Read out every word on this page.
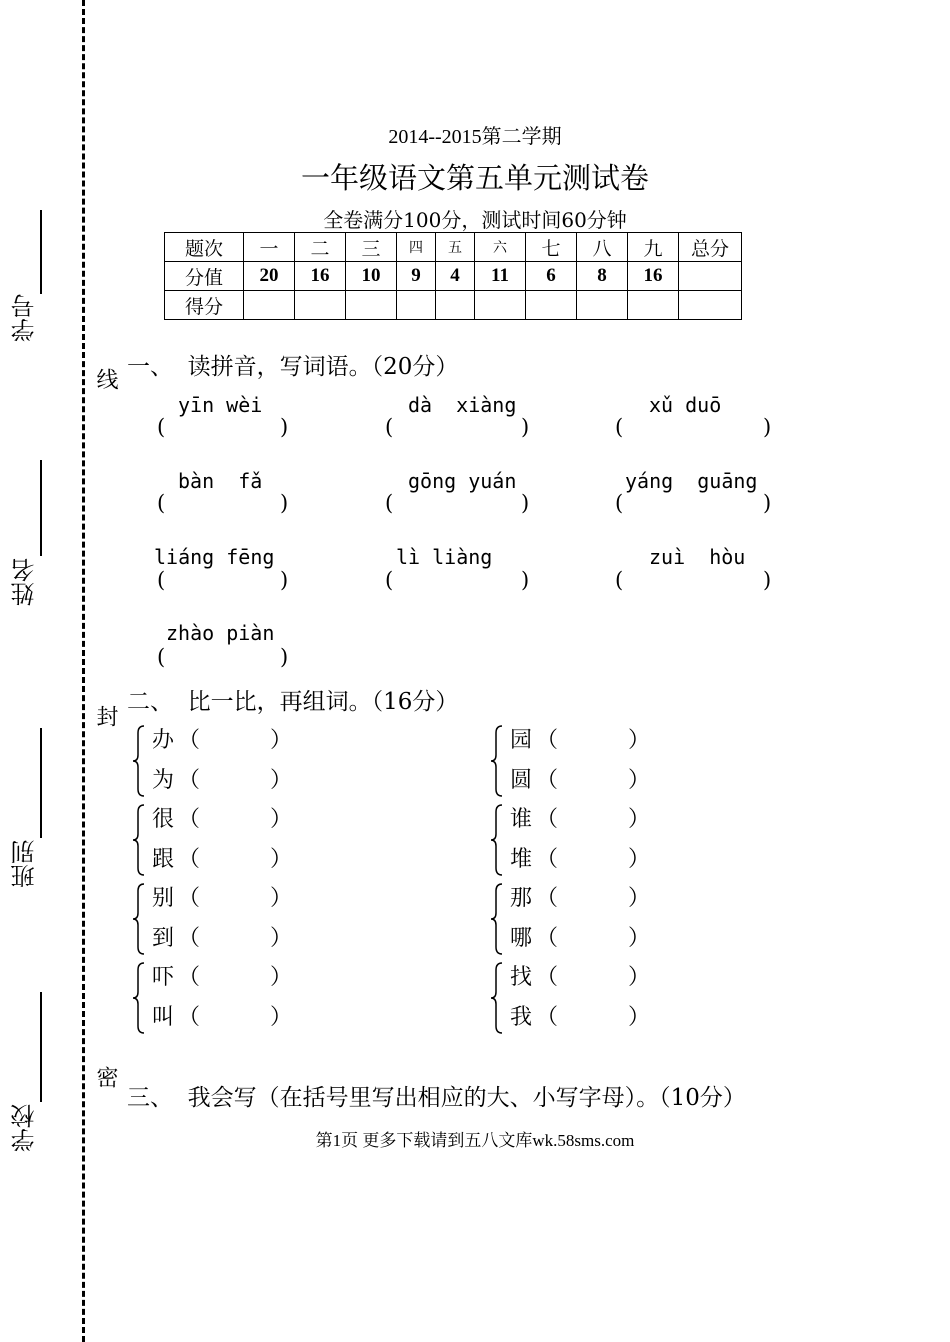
学号
姓名
班别
学校
线
封
密
2014--2015第二学期
一年级语文第五单元测试卷
全卷满分100分，测试时间60分钟
题次	一	二	三	四	五	六	七	八	九	总分
分值	20	16	10	9	4	11	6	8	16	
得分										
一、  读拼音，写词语。（20分）
yīn wèi
(	)
dà  xiàng
(	)
xǔ duō
(	)
bàn  fǎ
(	)
gōng yuán
(	)
yáng  guāng
(	)
liáng fēng
(	)
lì liàng
(	)
zuì  hòu
(	)
zhào piàn
(	)
二、  比一比，再组词。（16分）
办 （	）
为 （	）
很 （	）
跟 （	）
别 （	）
到 （	）
吓 （	）
叫 （	）
园 （	）
圆 （	）
谁 （	）
堆 （	）
那 （	）
哪 （	）
找 （	）
我 （	）
三、  我会写（在括号里写出相应的大、小写字母）。（10分）
第1页 更多下载请到五八文库wk.58sms.com
